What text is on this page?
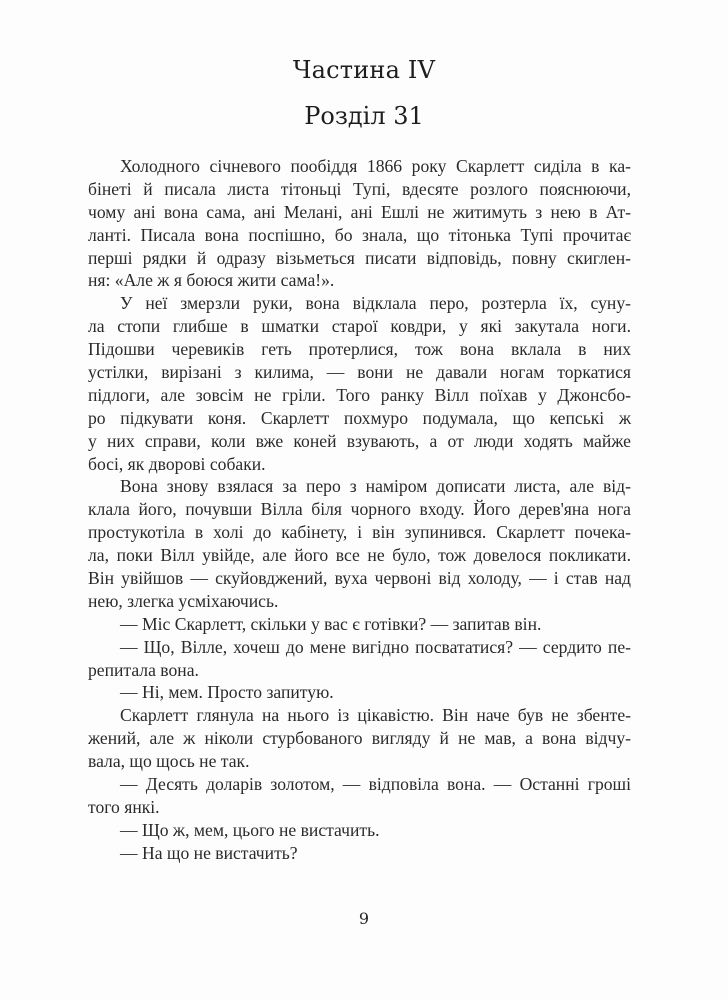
Частина IV
Розділ 31
Холодного січневого пообіддя 1866 року Скарлетт сиділа в ка-
бінеті й писала листа тітоньці Тупі, вдесяте розлого пояснюючи,
чому ані вона сама, ані Мелані, ані Ешлі не житимуть з нею в Ат-
ланті. Писала вона поспішно, бо знала, що тітонька Тупі прочитає
перші рядки й одразу візьметься писати відповідь, повну скиглен-
ня: «Але ж я боюся жити сама!».
У неї змерзли руки, вона відклала перо, розтерла їх, суну-
ла стопи глибше в шматки старої ковдри, у які закутала ноги.
Підошви черевиків геть протерлися, тож вона вклала в них
устілки, вирізані з килима, — вони не давали ногам торкатися
підлоги, але зовсім не гріли. Того ранку Вілл поїхав у Джонсбо-
ро підкувати коня. Скарлетт похмуро подумала, що кепські ж
у них справи, коли вже коней взувають, а от люди ходять майже
босі, як дворові собаки.
Вона знову взялася за перо з наміром дописати листа, але від-
клала його, почувши Вілла біля чорного входу. Його дерев'яна нога
простукотіла в холі до кабінету, і він зупинився. Скарлетт почека-
ла, поки Вілл увійде, але його все не було, тож довелося покликати.
Він увійшов — скуйовджений, вуха червоні від холоду, — і став над
нею, злегка усміхаючись.
— Міс Скарлетт, скільки у вас є готівки? — запитав він.
— Що, Вілле, хочеш до мене вигідно посвататися? — сердито пе-
репитала вона.
— Ні, мем. Просто запитую.
Скарлетт глянула на нього із цікавістю. Він наче був не збенте-
жений, але ж ніколи стурбованого вигляду й не мав, а вона відчу-
вала, що щось не так.
— Десять доларів золотом, — відповіла вона. — Останні гроші
того янкі.
— Що ж, мем, цього не вистачить.
— На що не вистачить?
9
